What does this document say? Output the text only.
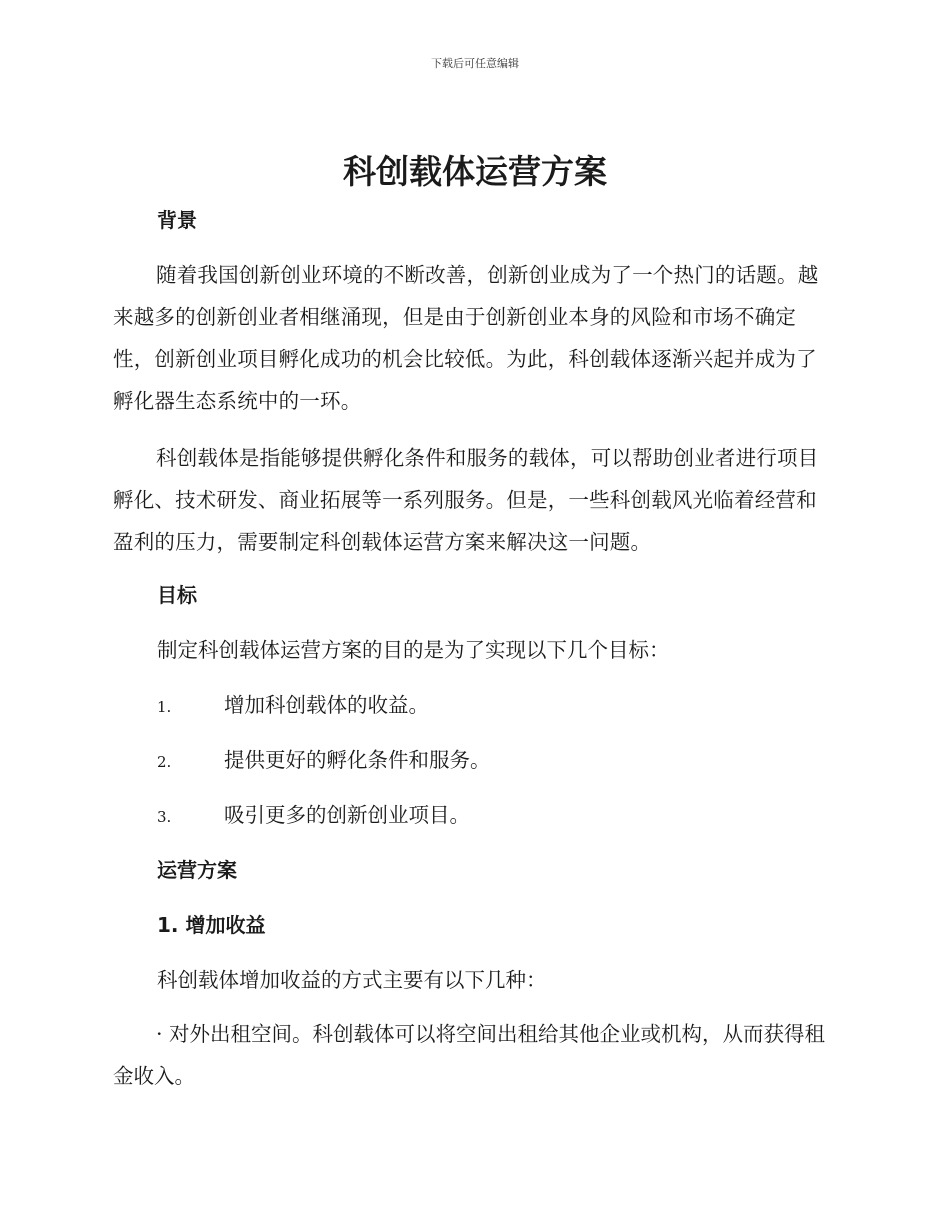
下载后可任意编辑
科创载体运营方案
背景

随着我国创新创业环境的不断改善，创新创业成为了一个热门的话题。越来越多的创新创业者相继涌现，但是由于创新创业本身的风险和市场不确定性，创新创业项目孵化成功的机会比较低。为此，科创载体逐渐兴起并成为了孵化器生态系统中的一环。

科创载体是指能够提供孵化条件和服务的载体，可以帮助创业者进行项目孵化、技术研发、商业拓展等一系列服务。但是，一些科创载风光临着经营和盈利的压力，需要制定科创载体运营方案来解决这一问题。

目标

制定科创载体运营方案的目的是为了实现以下几个目标：

1.	增加科创载体的收益。

2.	提供更好的孵化条件和服务。

3.	吸引更多的创新创业项目。

运营方案
1. 增加收益

科创载体增加收益的方式主要有以下几种：

· 对外出租空间。科创载体可以将空间出租给其他企业或机构，从而获得租金收入。
